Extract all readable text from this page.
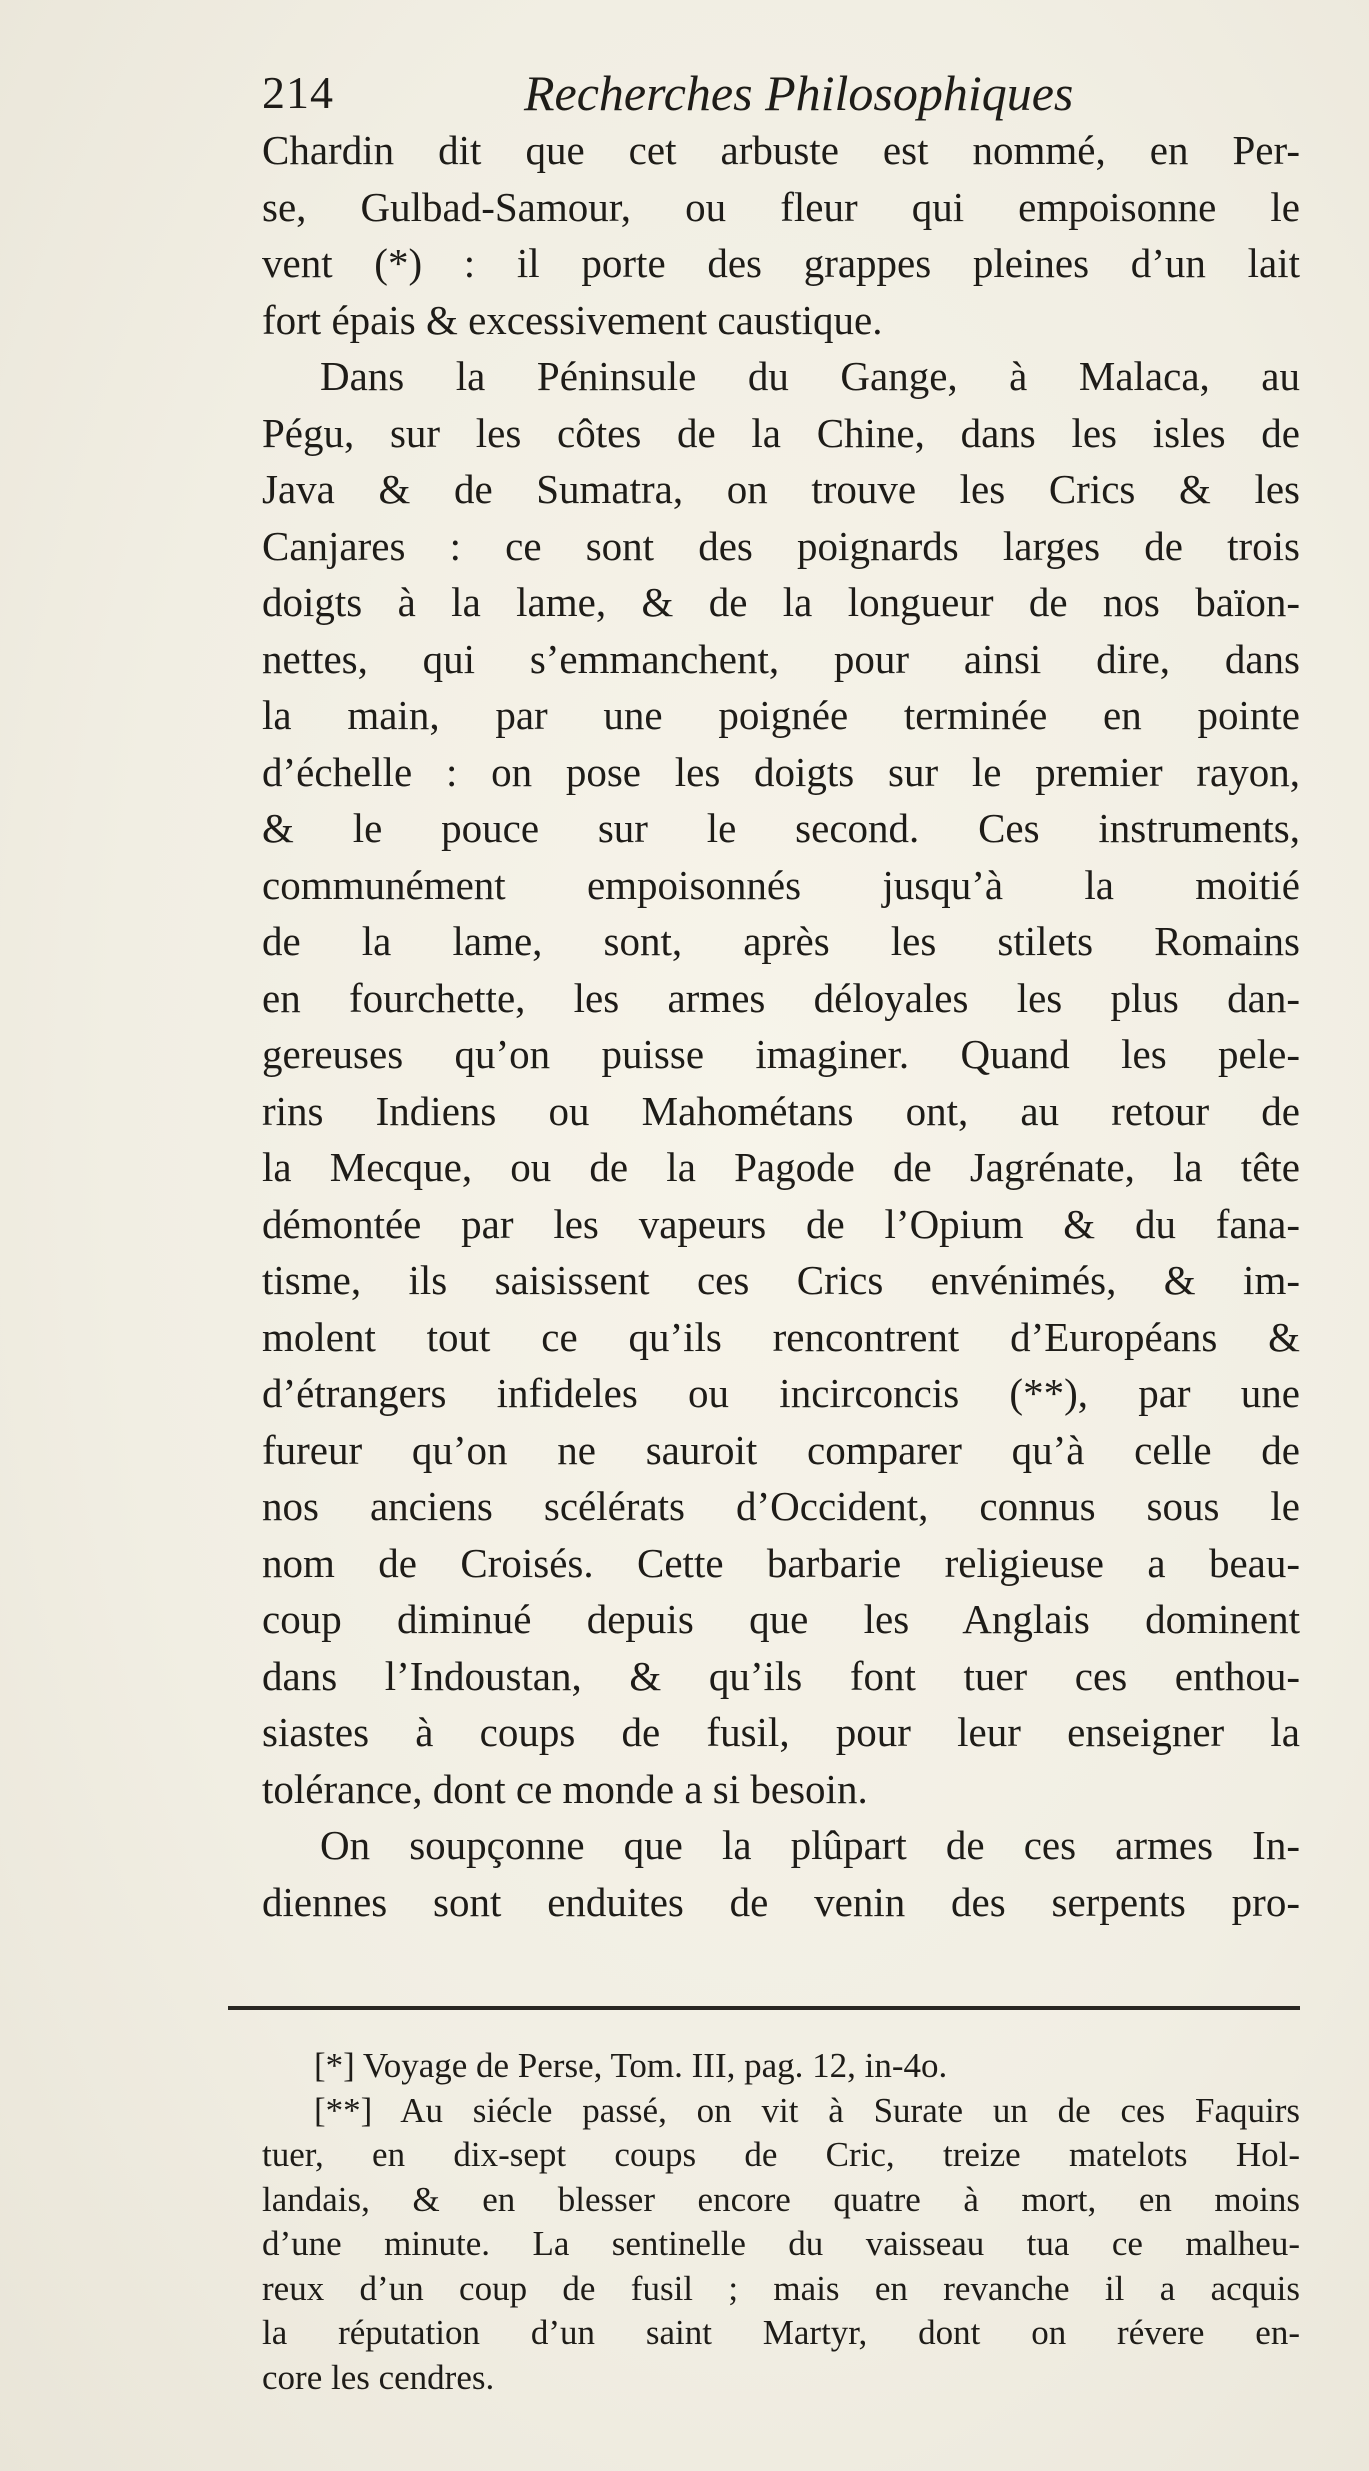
214	Recherches Philosophiques
Chardin dit que cet arbuste est nommé, en Per-
se, Gulbad-Samour, ou fleur qui empoisonne le
vent (*) : il porte des grappes pleines d’un lait
fort épais & excessivement caustique.
Dans la Péninsule du Gange, à Malaca, au
Pégu, sur les côtes de la Chine, dans les isles de
Java & de Sumatra, on trouve les Crics & les
Canjares : ce sont des poignards larges de trois
doigts à la lame, & de la longueur de nos baïon-
nettes, qui s’emmanchent, pour ainsi dire, dans
la main, par une poignée terminée en pointe
d’échelle : on pose les doigts sur le premier rayon,
& le pouce sur le second. Ces instruments,
communément empoisonnés jusqu’à la moitié
de la lame, sont, après les stilets Romains
en fourchette, les armes déloyales les plus dan-
gereuses qu’on puisse imaginer. Quand les pele-
rins Indiens ou Mahométans ont, au retour de
la Mecque, ou de la Pagode de Jagrénate, la tête
démontée par les vapeurs de l’Opium & du fana-
tisme, ils saisissent ces Crics envénimés, & im-
molent tout ce qu’ils rencontrent d’Européans &
d’étrangers infideles ou incirconcis (**), par une
fureur qu’on ne sauroit comparer qu’à celle de
nos anciens scélérats d’Occident, connus sous le
nom de Croisés. Cette barbarie religieuse a beau-
coup diminué depuis que les Anglais dominent
dans l’Indoustan, & qu’ils font tuer ces enthou-
siastes à coups de fusil, pour leur enseigner la
tolérance, dont ce monde a si besoin.
On soupçonne que la plûpart de ces armes In-
diennes sont enduites de venin des serpents pro-
[*] Voyage de Perse, Tom. III, pag. 12, in-4o.
[**] Au siécle passé, on vit à Surate un de ces Faquirs
tuer, en dix-sept coups de Cric, treize matelots Hol-
landais, & en blesser encore quatre à mort, en moins
d’une minute. La sentinelle du vaisseau tua ce malheu-
reux d’un coup de fusil ; mais en revanche il a acquis
la réputation d’un saint Martyr, dont on révere en-
core les cendres.
